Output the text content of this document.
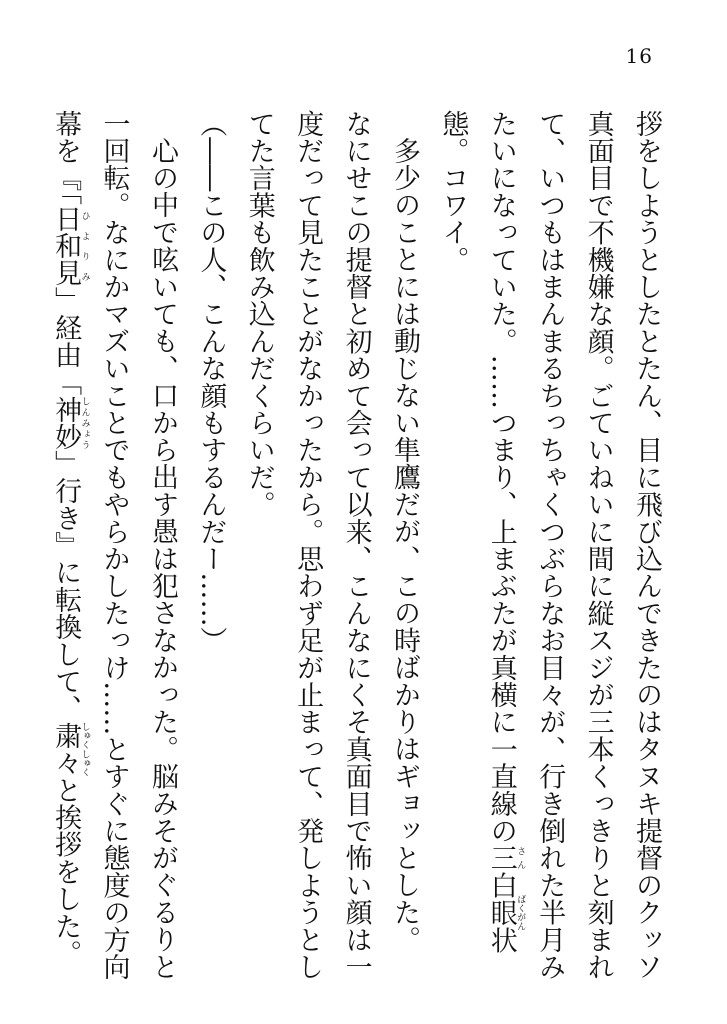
16

拶をしようとしたとたん、目に飛び込んできたのはタヌキ提督のクッソ真面目で不機嫌な顔。ごていねいに間に縦スジが三本くっきりと刻まれて、いつもはまんまるちっちゃくつぶらなお目々が、行き倒れた半月みたいになっていた。……つまり、上まぶたが真横に一直線の三さん白眼ばくがん状態。コワイ。

多少のことには動じない隼鷹だが、この時ばかりはギョッとした。

なにせこの提督と初めて会って以来、こんなにくそ真面目で怖い顔は一度だって見たことがなかったから。思わず足が止まって、発しようとしてた言葉も飲み込んだくらいだ。

（――この人、こんな顔もするんだー……）

心の中で呟いても、口から出す愚は犯さなかった。脳みそがぐるりと一回転。なにかマズいことでもやらかしたっけ……とすぐに態度の方向幕を『「日和見ひよりみ」経由「神妙しんみょう」行き』に転換して、粛々しゅくしゅくと挨拶をした。
